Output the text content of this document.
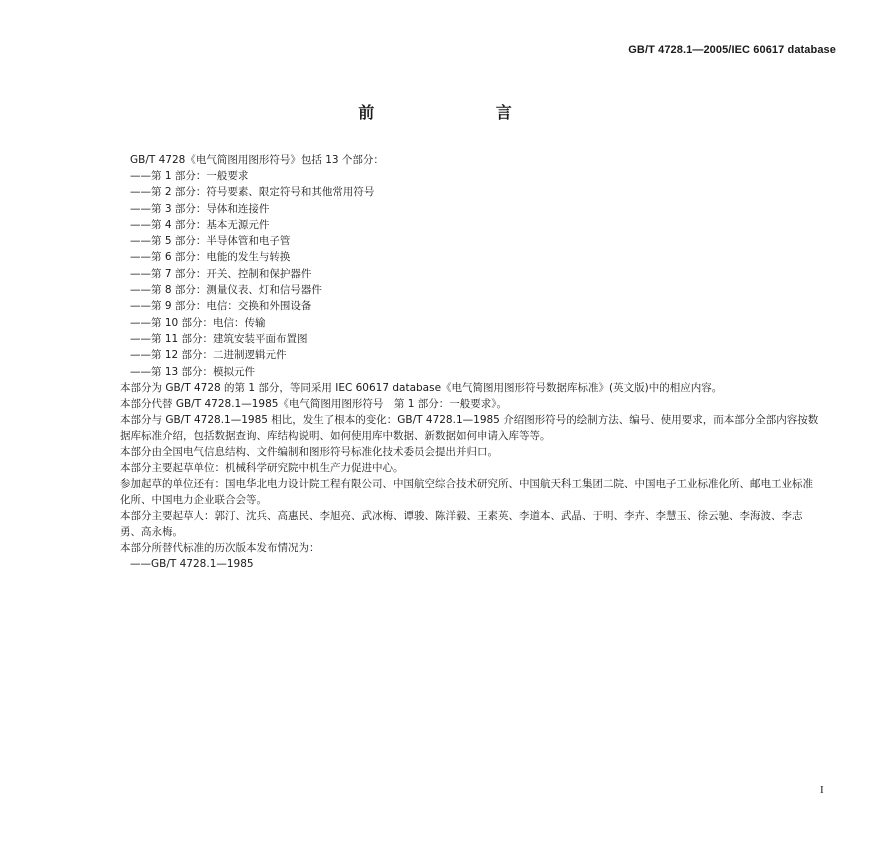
GB/T 4728.1—2005/IEC 60617 database
前 言
GB/T 4728《电气简图用图形符号》包括 13 个部分：
——第 1 部分：一般要求
——第 2 部分：符号要素、限定符号和其他常用符号
——第 3 部分：导体和连接件
——第 4 部分：基本无源元件
——第 5 部分：半导体管和电子管
——第 6 部分：电能的发生与转换
——第 7 部分：开关、控制和保护器件
——第 8 部分：测量仪表、灯和信号器件
——第 9 部分：电信：交换和外围设备
——第 10 部分：电信：传输
——第 11 部分：建筑安装平面布置图
——第 12 部分：二进制逻辑元件
——第 13 部分：模拟元件
本部分为 GB/T 4728 的第 1 部分，等同采用 IEC 60617 database《电气简图用图形符号数据库标准》(英文版)中的相应内容。
本部分代替 GB/T 4728.1—1985《电气简图用图形符号　第 1 部分：一般要求》。
本部分与 GB/T 4728.1—1985 相比，发生了根本的变化：GB/T 4728.1—1985 介绍图形符号的绘制方法、编号、使用要求，而本部分全部内容按数据库标准介绍，包括数据查询、库结构说明、如何使用库中数据、新数据如何申请入库等等。
本部分由全国电气信息结构、文件编制和图形符号标准化技术委员会提出并归口。
本部分主要起草单位：机械科学研究院中机生产力促进中心。
参加起草的单位还有：国电华北电力设计院工程有限公司、中国航空综合技术研究所、中国航天科工集团二院、中国电子工业标准化所、邮电工业标准化所、中国电力企业联合会等。
本部分主要起草人：郭汀、沈兵、高惠民、李旭亮、武冰梅、谭骏、陈洋毅、王素英、李道本、武晶、于明、李卉、李慧玉、徐云驰、李海波、李志勇、高永梅。
本部分所替代标准的历次版本发布情况为：
——GB/T 4728.1—1985
I
